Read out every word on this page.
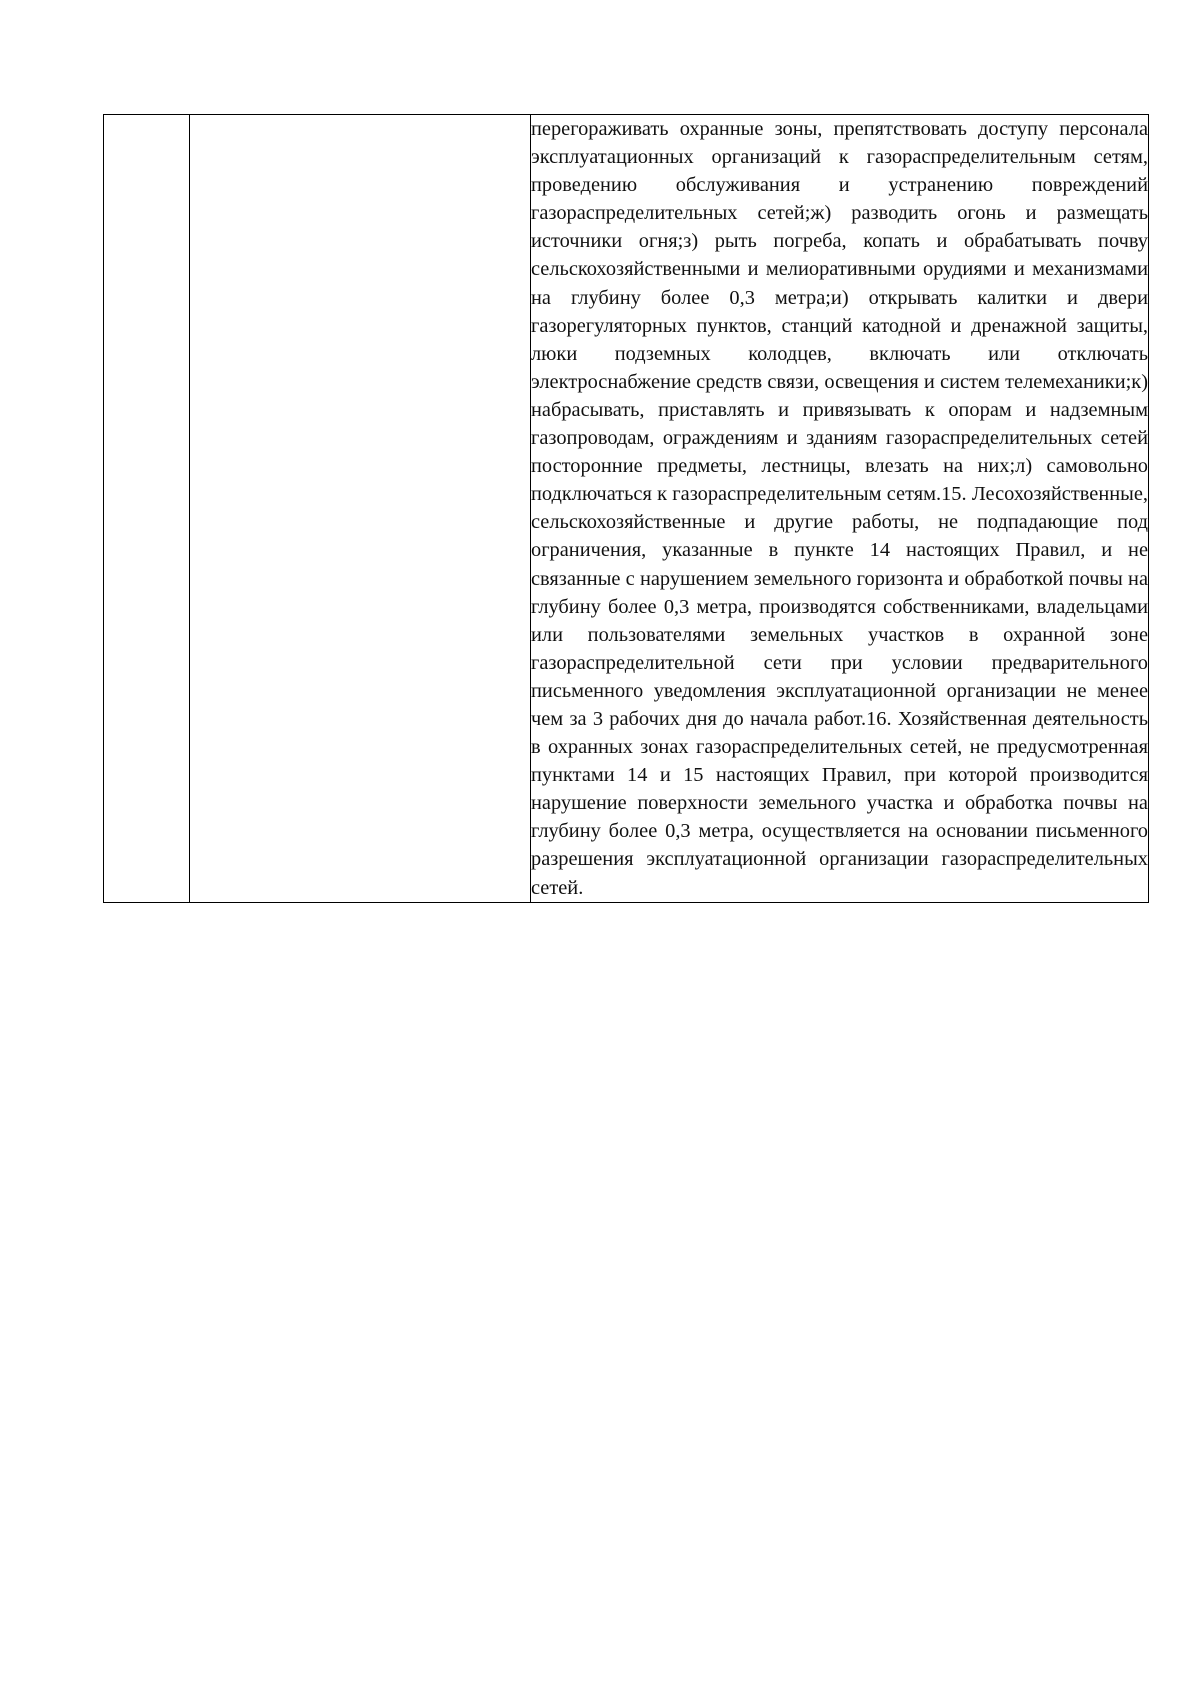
перегораживать охранные зоны, препятствовать доступу персонала эксплуатационных организаций к газораспределительным сетям, проведению обслуживания и устранению повреждений газораспределительных сетей;ж) разводить огонь и размещать источники огня;з) рыть погреба, копать и обрабатывать почву сельскохозяйственными и мелиоративными орудиями и механизмами на глубину более 0,3 метра;и) открывать калитки и двери газорегуляторных пунктов, станций катодной и дренажной защиты, люки подземных колодцев, включать или отключать электроснабжение средств связи, освещения и систем телемеханики;к) набрасывать, приставлять и привязывать к опорам и надземным газопроводам, ограждениям и зданиям газораспределительных сетей посторонние предметы, лестницы, влезать на них;л) самовольно подключаться к газораспределительным сетям.15. Лесохозяйственные, сельскохозяйственные и другие работы, не подпадающие под ограничения, указанные в пункте 14 настоящих Правил, и не связанные с нарушением земельного горизонта и обработкой почвы на глубину более 0,3 метра, производятся собственниками, владельцами или пользователями земельных участков в охранной зоне газораспределительной сети при условии предварительного письменного уведомления эксплуатационной организации не менее чем за 3 рабочих дня до начала работ.16. Хозяйственная деятельность в охранных зонах газораспределительных сетей, не предусмотренная пунктами 14 и 15 настоящих Правил, при которой производится нарушение поверхности земельного участка и обработка почвы на глубину более 0,3 метра, осуществляется на основании письменного разрешения эксплуатационной организации газораспределительных сетей.
